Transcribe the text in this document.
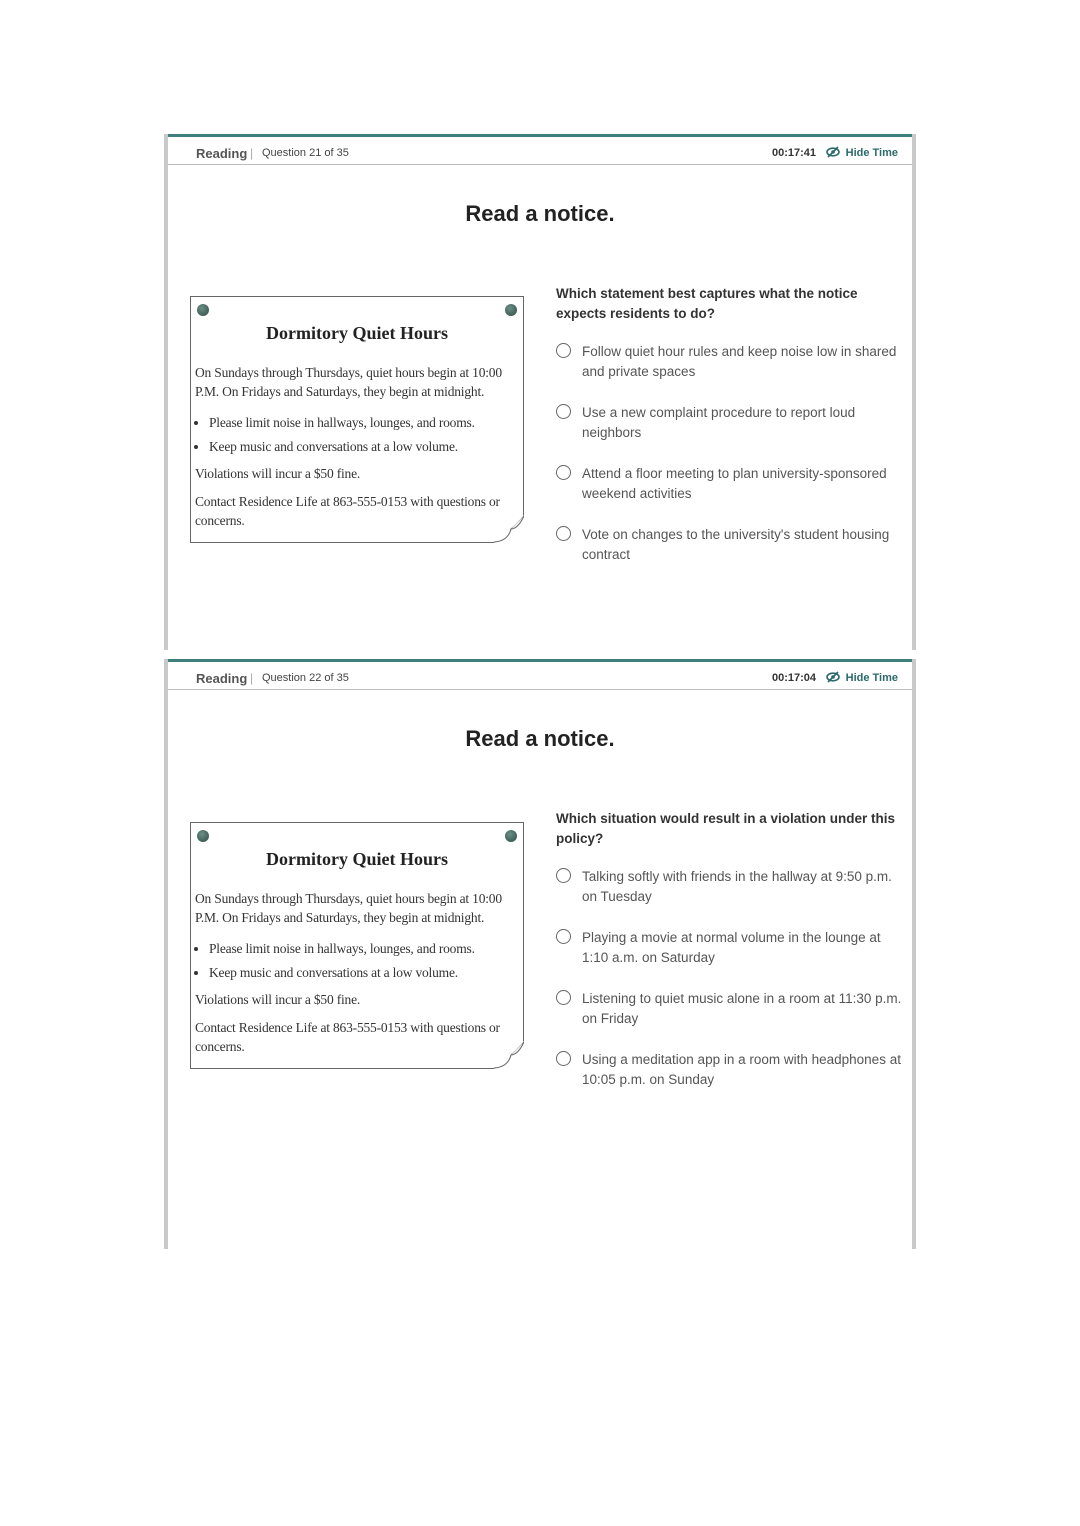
Reading | Question 21 of 35	00:17:41	Hide Time
Read a notice.
Dormitory Quiet Hours

On Sundays through Thursdays, quiet hours begin at 10:00 P.M. On Fridays and Saturdays, they begin at midnight.

• Please limit noise in hallways, lounges, and rooms.
• Keep music and conversations at a low volume.

Violations will incur a $50 fine.

Contact Residence Life at 863-555-0153 with questions or concerns.

Which statement best captures what the notice expects residents to do?
Follow quiet hour rules and keep noise low in shared and private spaces
Use a new complaint procedure to report loud neighbors
Attend a floor meeting to plan university-sponsored weekend activities
Vote on changes to the university's student housing contract
Reading | Question 22 of 35	00:17:04	Hide Time
Read a notice.
Dormitory Quiet Hours

On Sundays through Thursdays, quiet hours begin at 10:00 P.M. On Fridays and Saturdays, they begin at midnight.

• Please limit noise in hallways, lounges, and rooms.
• Keep music and conversations at a low volume.

Violations will incur a $50 fine.

Contact Residence Life at 863-555-0153 with questions or concerns.

Which situation would result in a violation under this policy?
Talking softly with friends in the hallway at 9:50 p.m. on Tuesday
Playing a movie at normal volume in the lounge at 1:10 a.m. on Saturday
Listening to quiet music alone in a room at 11:30 p.m. on Friday
Using a meditation app in a room with headphones at 10:05 p.m. on Sunday
